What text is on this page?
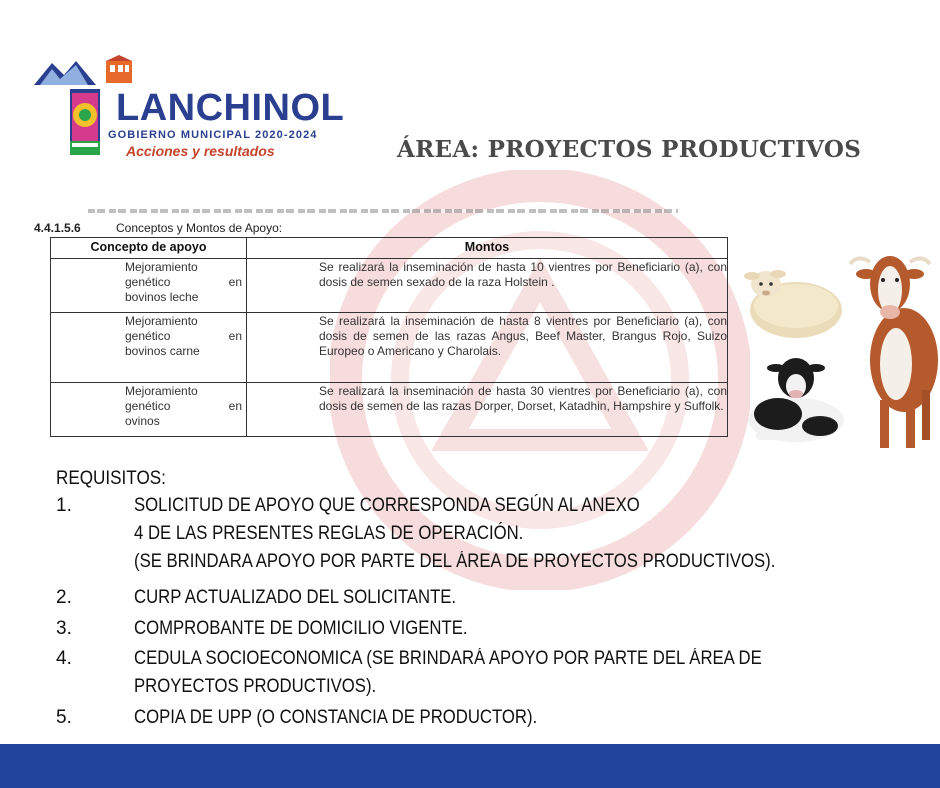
LANCHINOL
GOBIERNO MUNICIPAL 2020-2024
Acciones y resultados	ÁREA: PROYECTOS PRODUCTIVOS
4.4.1.5.6	Conceptos y Montos de Apoyo:
Concepto de apoyo	Montos

Mejoramiento
genético en
bovinos leche	Se realizará la inseminación de hasta 10 vientres por Beneficiario (a), con dosis de semen sexado de la raza Holstein .

Mejoramiento
genético en
bovinos carne	Se realizará la inseminación de hasta 8 vientres por Beneficiario (a), con dosis de semen de las razas Angus, Beef Master, Brangus Rojo, Suizo Europeo o Americano y Charolais.

Mejoramiento
genético en
ovinos	Se realizará la inseminación de hasta 30 vientres por Beneficiario (a), con dosis de semen de las razas Dorper, Dorset, Katadhin, Hampshire y Suffolk.
REQUISITOS:
1.	SOLICITUD DE APOYO QUE CORRESPONDA SEGÚN AL ANEXO
4 DE LAS PRESENTES REGLAS DE OPERACIÓN.
(SE BRINDARA APOYO POR PARTE DEL ÁREA DE PROYECTOS PRODUCTIVOS).
2.	CURP ACTUALIZADO DEL SOLICITANTE.
3.	COMPROBANTE DE DOMICILIO VIGENTE.
4.	CEDULA SOCIOECONOMICA (SE BRINDARÁ APOYO POR PARTE DEL ÁREA DE
PROYECTOS PRODUCTIVOS).
5.	COPIA DE UPP (O CONSTANCIA DE PRODUCTOR).
